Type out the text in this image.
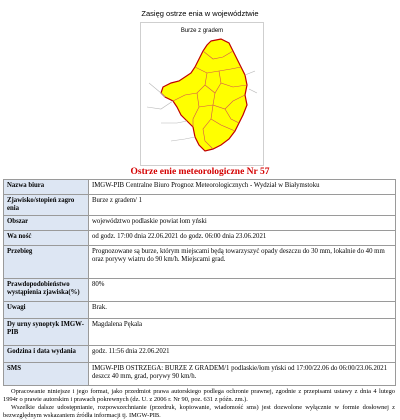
Zasięg ostrze enia w województwie
Burze z gradem
Ostrze enie meteorologiczne Nr 57
Nazwa biura	IMGW-PIB Centralne Biuro Prognoz Meteorologicznych - Wydział w Białymstoku
Zjawisko/stopień zagro enia	Burze z gradem/ 1
Obszar	województwo podlaskie powiat łom yński
Wa ność	od godz. 17:00 dnia 22.06.2021 do godz. 06:00 dnia 23.06.2021
Przebieg	Prognozowane są burze, którym miejscami będą towarzyszyć opady deszczu do 30 mm, lokalnie do 40 mm oraz porywy wiatru do 90 km/h. Miejscami grad.
Prawdopodobieństwo wystąpienia zjawiska(%)	80%
Uwagi	Brak.
Dy urny synoptyk IMGW-PIB	Magdalena Pękala
Godzina i data wydania	godz. 11:56 dnia 22.06.2021
SMS	IMGW-PIB OSTRZEGA: BURZE Z GRADEM/1 podlaskie/łom yński od 17:00/22.06 do 06:00/23.06.2021 deszcz 40 mm, grad, porywy 90 km/h.

Opracowanie niniejsze i jego format, jako przedmiot prawa autorskiego podlega ochronie prawnej, zgodnie z przepisami ustawy z dnia 4 lutego 1994r o prawie autorskim i prawach pokrewnych (dz. U. z 2006 r. Nr 90, poz. 631 z późn. zm.).

Wszelkie dalsze udostępnianie, rozpowszechnianie (przedruk, kopiowanie, wiadomość sms) jest dozwolone wyłącznie w formie dosłownej z bezwzględnym wskazaniem źródła informacji tj. IMGW-PIB.
